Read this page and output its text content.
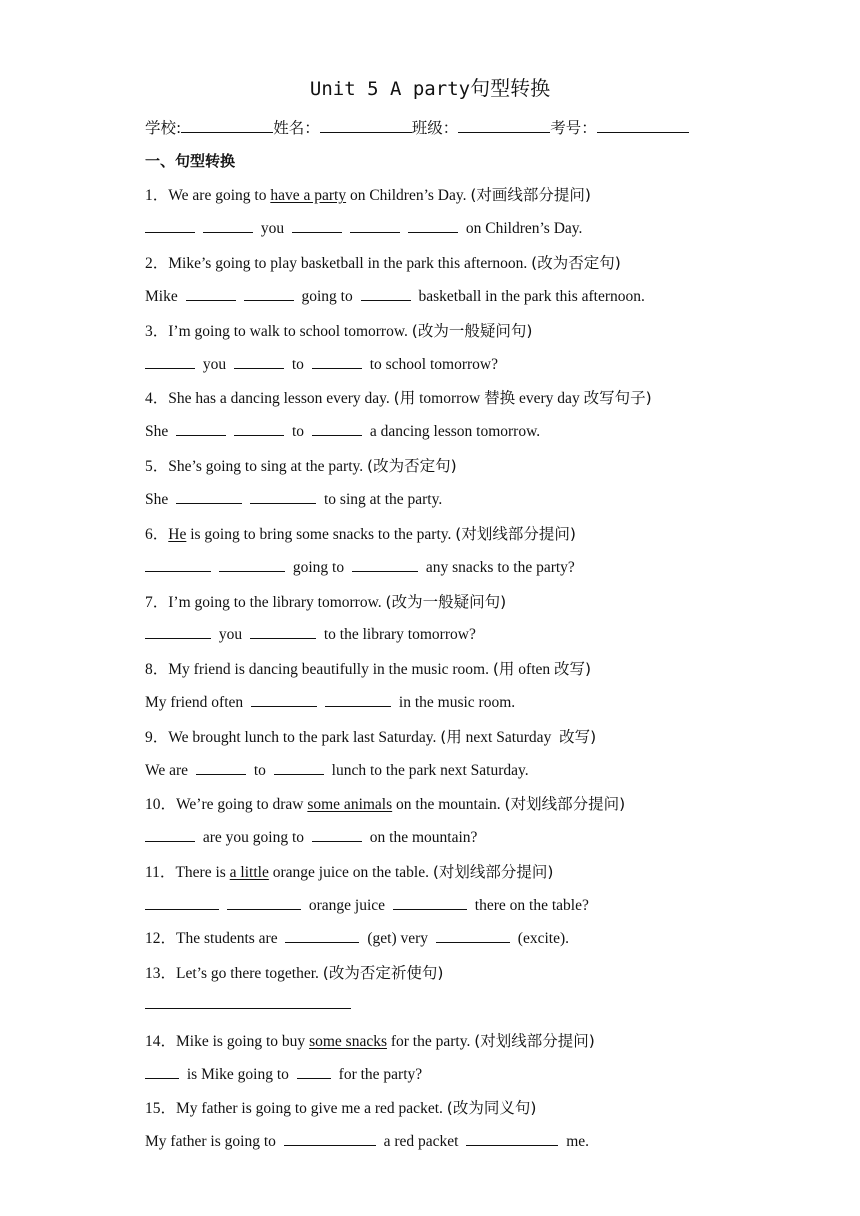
Unit 5 A party句型转换
学校:	姓名：	班级：	考号：
一、句型转换
1．We are going to have a party on Children’s Day. (对画线部分提问)
you	on Children’s Day.
2．Mike’s going to play basketball in the park this afternoon. (改为否定句)
Mike	going to	basketball in the park this afternoon.
3．I’m going to walk to school tomorrow. (改为一般疑问句)
you	to	to school tomorrow?
4．She has a dancing lesson every day. (用 tomorrow 替换 every day 改写句子)
She	to	a dancing lesson tomorrow.
5．She’s going to sing at the party. (改为否定句)
She	to sing at the party.
6．He is going to bring some snacks to the party. (对划线部分提问)
going to	any snacks to the party?
7．I’m going to the library tomorrow. (改为一般疑问句)
you	to the library tomorrow?
8．My friend is dancing beautifully in the music room. (用 often 改写)
My friend often	in the music room.
9．We brought lunch to the park last Saturday. (用 next Saturday  改写)
We are	to	lunch to the park next Saturday.
10．We’re going to draw some animals on the mountain. (对划线部分提问)
are you going to	on the mountain?
11．There is a little orange juice on the table. (对划线部分提问)
orange juice	there on the table?
12．The students are	(get) very	(excite).
13．Let’s go there together. (改为否定祈使句)
14．Mike is going to buy some snacks for the party. (对划线部分提问)
is Mike going to	for the party?
15．My father is going to give me a red packet. (改为同义句)
My father is going to	a red packet	me.
